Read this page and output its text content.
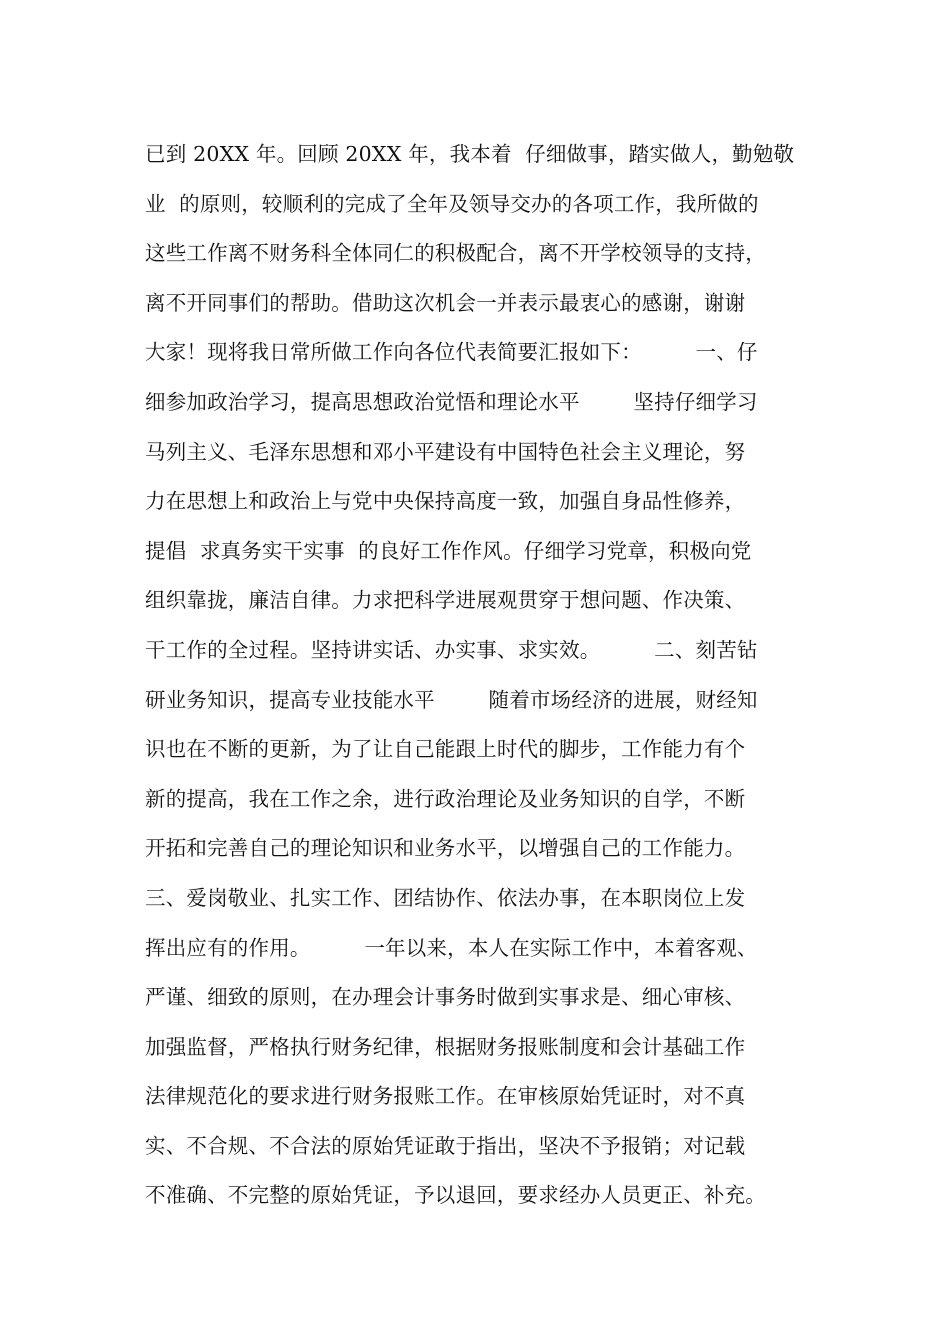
已到 20XX 年。回顾 20XX 年，我本着  仔细做事，踏实做人，勤勉敬
业  的原则，较顺利的完成了全年及领导交办的各项工作，我所做的
这些工作离不财务科全体同仁的积极配合，离不开学校领导的支持，
离不开同事们的帮助。借助这次机会一并表示最衷心的感谢，谢谢
大家！现将我日常所做工作向各位代表简要汇报如下：        一、仔
细参加政治学习，提高思想政治觉悟和理论水平        坚持仔细学习
马列主义、毛泽东思想和邓小平建设有中国特色社会主义理论，努
力在思想上和政治上与党中央保持高度一致，加强自身品性修养，
提倡  求真务实干实事  的良好工作作风。仔细学习党章，积极向党
组织靠拢，廉洁自律。力求把科学进展观贯穿于想问题、作决策、
干工作的全过程。坚持讲实话、办实事、求实效。        二、刻苦钻
研业务知识，提高专业技能水平        随着市场经济的进展，财经知
识也在不断的更新，为了让自己能跟上时代的脚步，工作能力有个
新的提高，我在工作之余，进行政治理论及业务知识的自学，不断
开拓和完善自己的理论知识和业务水平，以增强自己的工作能力。
三、爱岗敬业、扎实工作、团结协作、依法办事，在本职岗位上发
挥出应有的作用。        一年以来，本人在实际工作中，本着客观、
严谨、细致的原则，在办理会计事务时做到实事求是、细心审核、
加强监督，严格执行财务纪律，根据财务报账制度和会计基础工作
法律规范化的要求进行财务报账工作。在审核原始凭证时，对不真
实、不合规、不合法的原始凭证敢于指出，坚决不予报销；对记载
不准确、不完整的原始凭证，予以退回，要求经办人员更正、补充。
